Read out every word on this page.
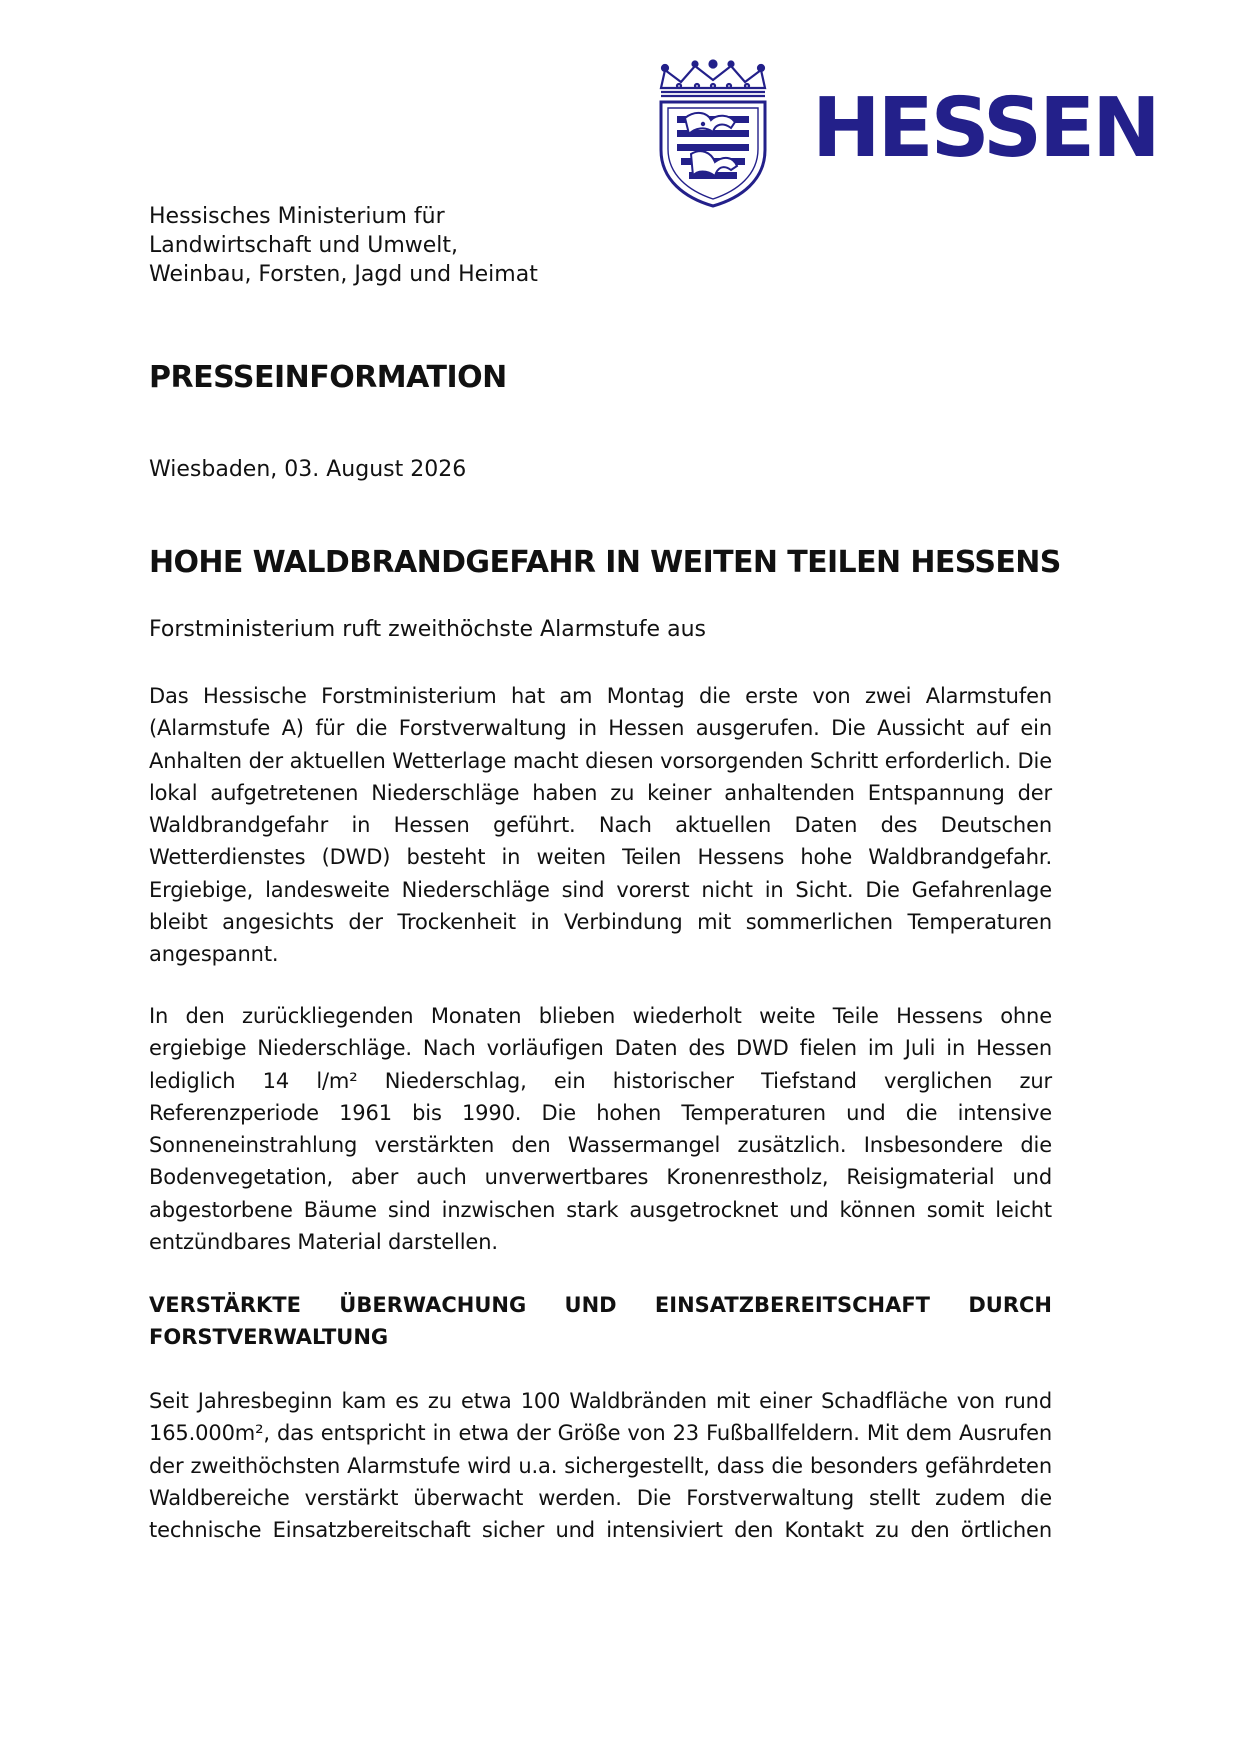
HESSEN
Hessisches Ministerium für
Landwirtschaft und Umwelt,
Weinbau, Forsten, Jagd und Heimat
PRESSEINFORMATION
Wiesbaden, 03. August 2026
HOHE WALDBRANDGEFAHR IN WEITEN TEILEN HESSENS
Forstministerium ruft zweithöchste Alarmstufe aus
Das Hessische Forstministerium hat am Montag die erste von zwei Alarmstufen (Alarmstufe A) für die Forstverwaltung in Hessen ausgerufen. Die Aussicht auf ein Anhalten der aktuellen Wetterlage macht diesen vorsorgenden Schritt erforderlich. Die lokal aufgetretenen Niederschläge haben zu keiner anhaltenden Entspannung der Waldbrandgefahr in Hessen geführt. Nach aktuellen Daten des Deutschen Wetterdienstes (DWD) besteht in weiten Teilen Hessens hohe Waldbrandgefahr. Ergiebige, landesweite Niederschläge sind vorerst nicht in Sicht. Die Gefahrenlage bleibt angesichts der Trockenheit in Verbindung mit sommerlichen Temperaturen angespannt.
In den zurückliegenden Monaten blieben wiederholt weite Teile Hessens ohne ergiebige Niederschläge. Nach vorläufigen Daten des DWD fielen im Juli in Hessen lediglich 14 l/m² Niederschlag, ein historischer Tiefstand verglichen zur Referenzperiode 1961 bis 1990. Die hohen Temperaturen und die intensive Sonneneinstrahlung verstärkten den Wassermangel zusätzlich. Insbesondere die Bodenvegetation, aber auch unverwertbares Kronenrestholz, Reisigmaterial und abgestorbene Bäume sind inzwischen stark ausgetrocknet und können somit leicht entzündbares Material darstellen.
VERSTÄRKTE ÜBERWACHUNG UND EINSATZBEREITSCHAFT DURCH
FORSTVERWALTUNG
Seit Jahresbeginn kam es zu etwa 100 Waldbränden mit einer Schadfläche von rund 165.000m², das entspricht in etwa der Größe von 23 Fußballfeldern. Mit dem Ausrufen der zweithöchsten Alarmstufe wird u.a. sichergestellt, dass die besonders gefährdeten Waldbereiche verstärkt überwacht werden. Die Forstverwaltung stellt zudem die technische Einsatzbereitschaft sicher und intensiviert den Kontakt zu den örtlichen
